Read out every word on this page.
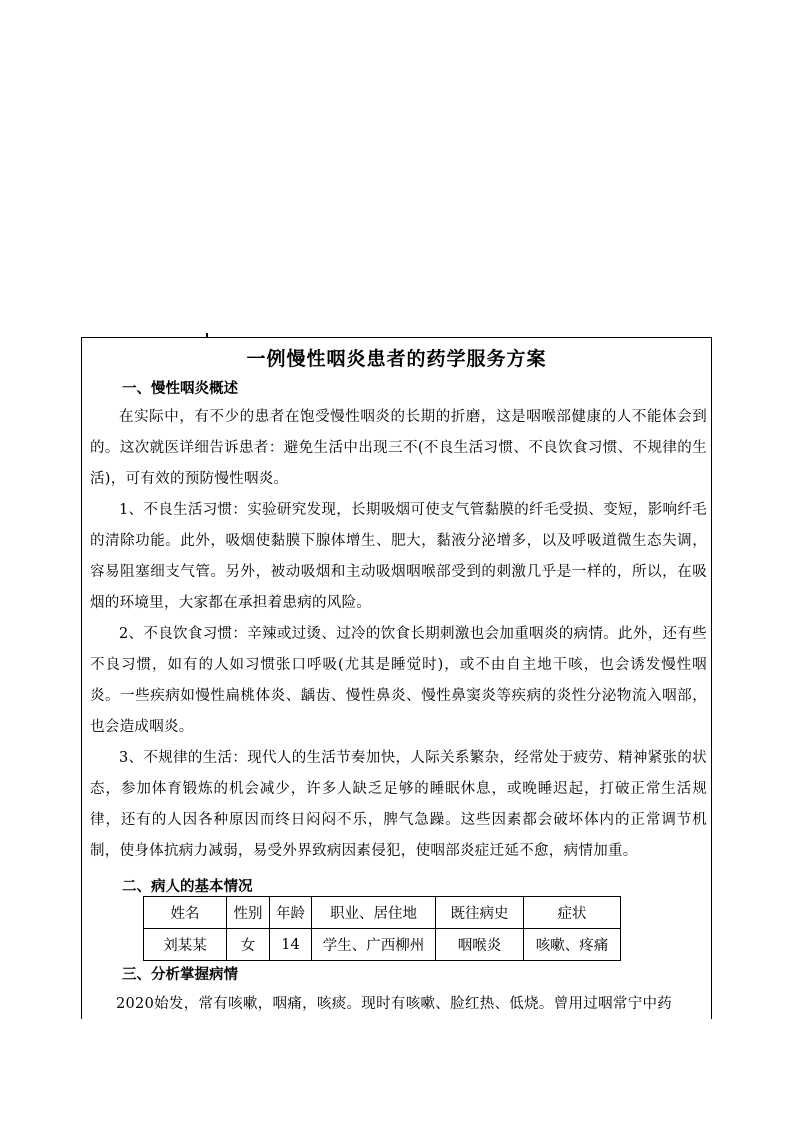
一例慢性咽炎患者的药学服务方案
一、慢性咽炎概述
在实际中，有不少的患者在饱受慢性咽炎的长期的折磨，这是咽喉部健康的人不能体会到的。这次就医详细告诉患者：避免生活中出现三不(不良生活习惯、不良饮食习惯、不规律的生活)，可有效的预防慢性咽炎。
1、不良生活习惯：实验研究发现，长期吸烟可使支气管黏膜的纤毛受损、变短，影响纤毛的清除功能。此外，吸烟使黏膜下腺体增生、肥大，黏液分泌增多，以及呼吸道微生态失调，容易阻塞细支气管。另外，被动吸烟和主动吸烟咽喉部受到的刺激几乎是一样的，所以，在吸烟的环境里，大家都在承担着患病的风险。
2、不良饮食习惯：辛辣或过烫、过冷的饮食长期刺激也会加重咽炎的病情。此外，还有些不良习惯，如有的人如习惯张口呼吸(尤其是睡觉时)，或不由自主地干咳，也会诱发慢性咽炎。一些疾病如慢性扁桃体炎、龋齿、慢性鼻炎、慢性鼻窦炎等疾病的炎性分泌物流入咽部，也会造成咽炎。
3、不规律的生活：现代人的生活节奏加快，人际关系繁杂，经常处于疲劳、精神紧张的状态，参加体育锻炼的机会减少，许多人缺乏足够的睡眠休息，或晚睡迟起，打破正常生活规律，还有的人因各种原因而终日闷闷不乐，脾气急躁。这些因素都会破坏体内的正常调节机制，使身体抗病力减弱，易受外界致病因素侵犯，使咽部炎症迁延不愈，病情加重。
二、病人的基本情况
姓名	性别	年龄	职业、居住地	既往病史	症状
刘某某	女	14	学生、广西柳州	咽喉炎	咳嗽、疼痛
三、分析掌握病情
2020始发，常有咳嗽，咽痛，咳痰。现时有咳嗽、脸红热、低烧。曾用过咽常宁中药
